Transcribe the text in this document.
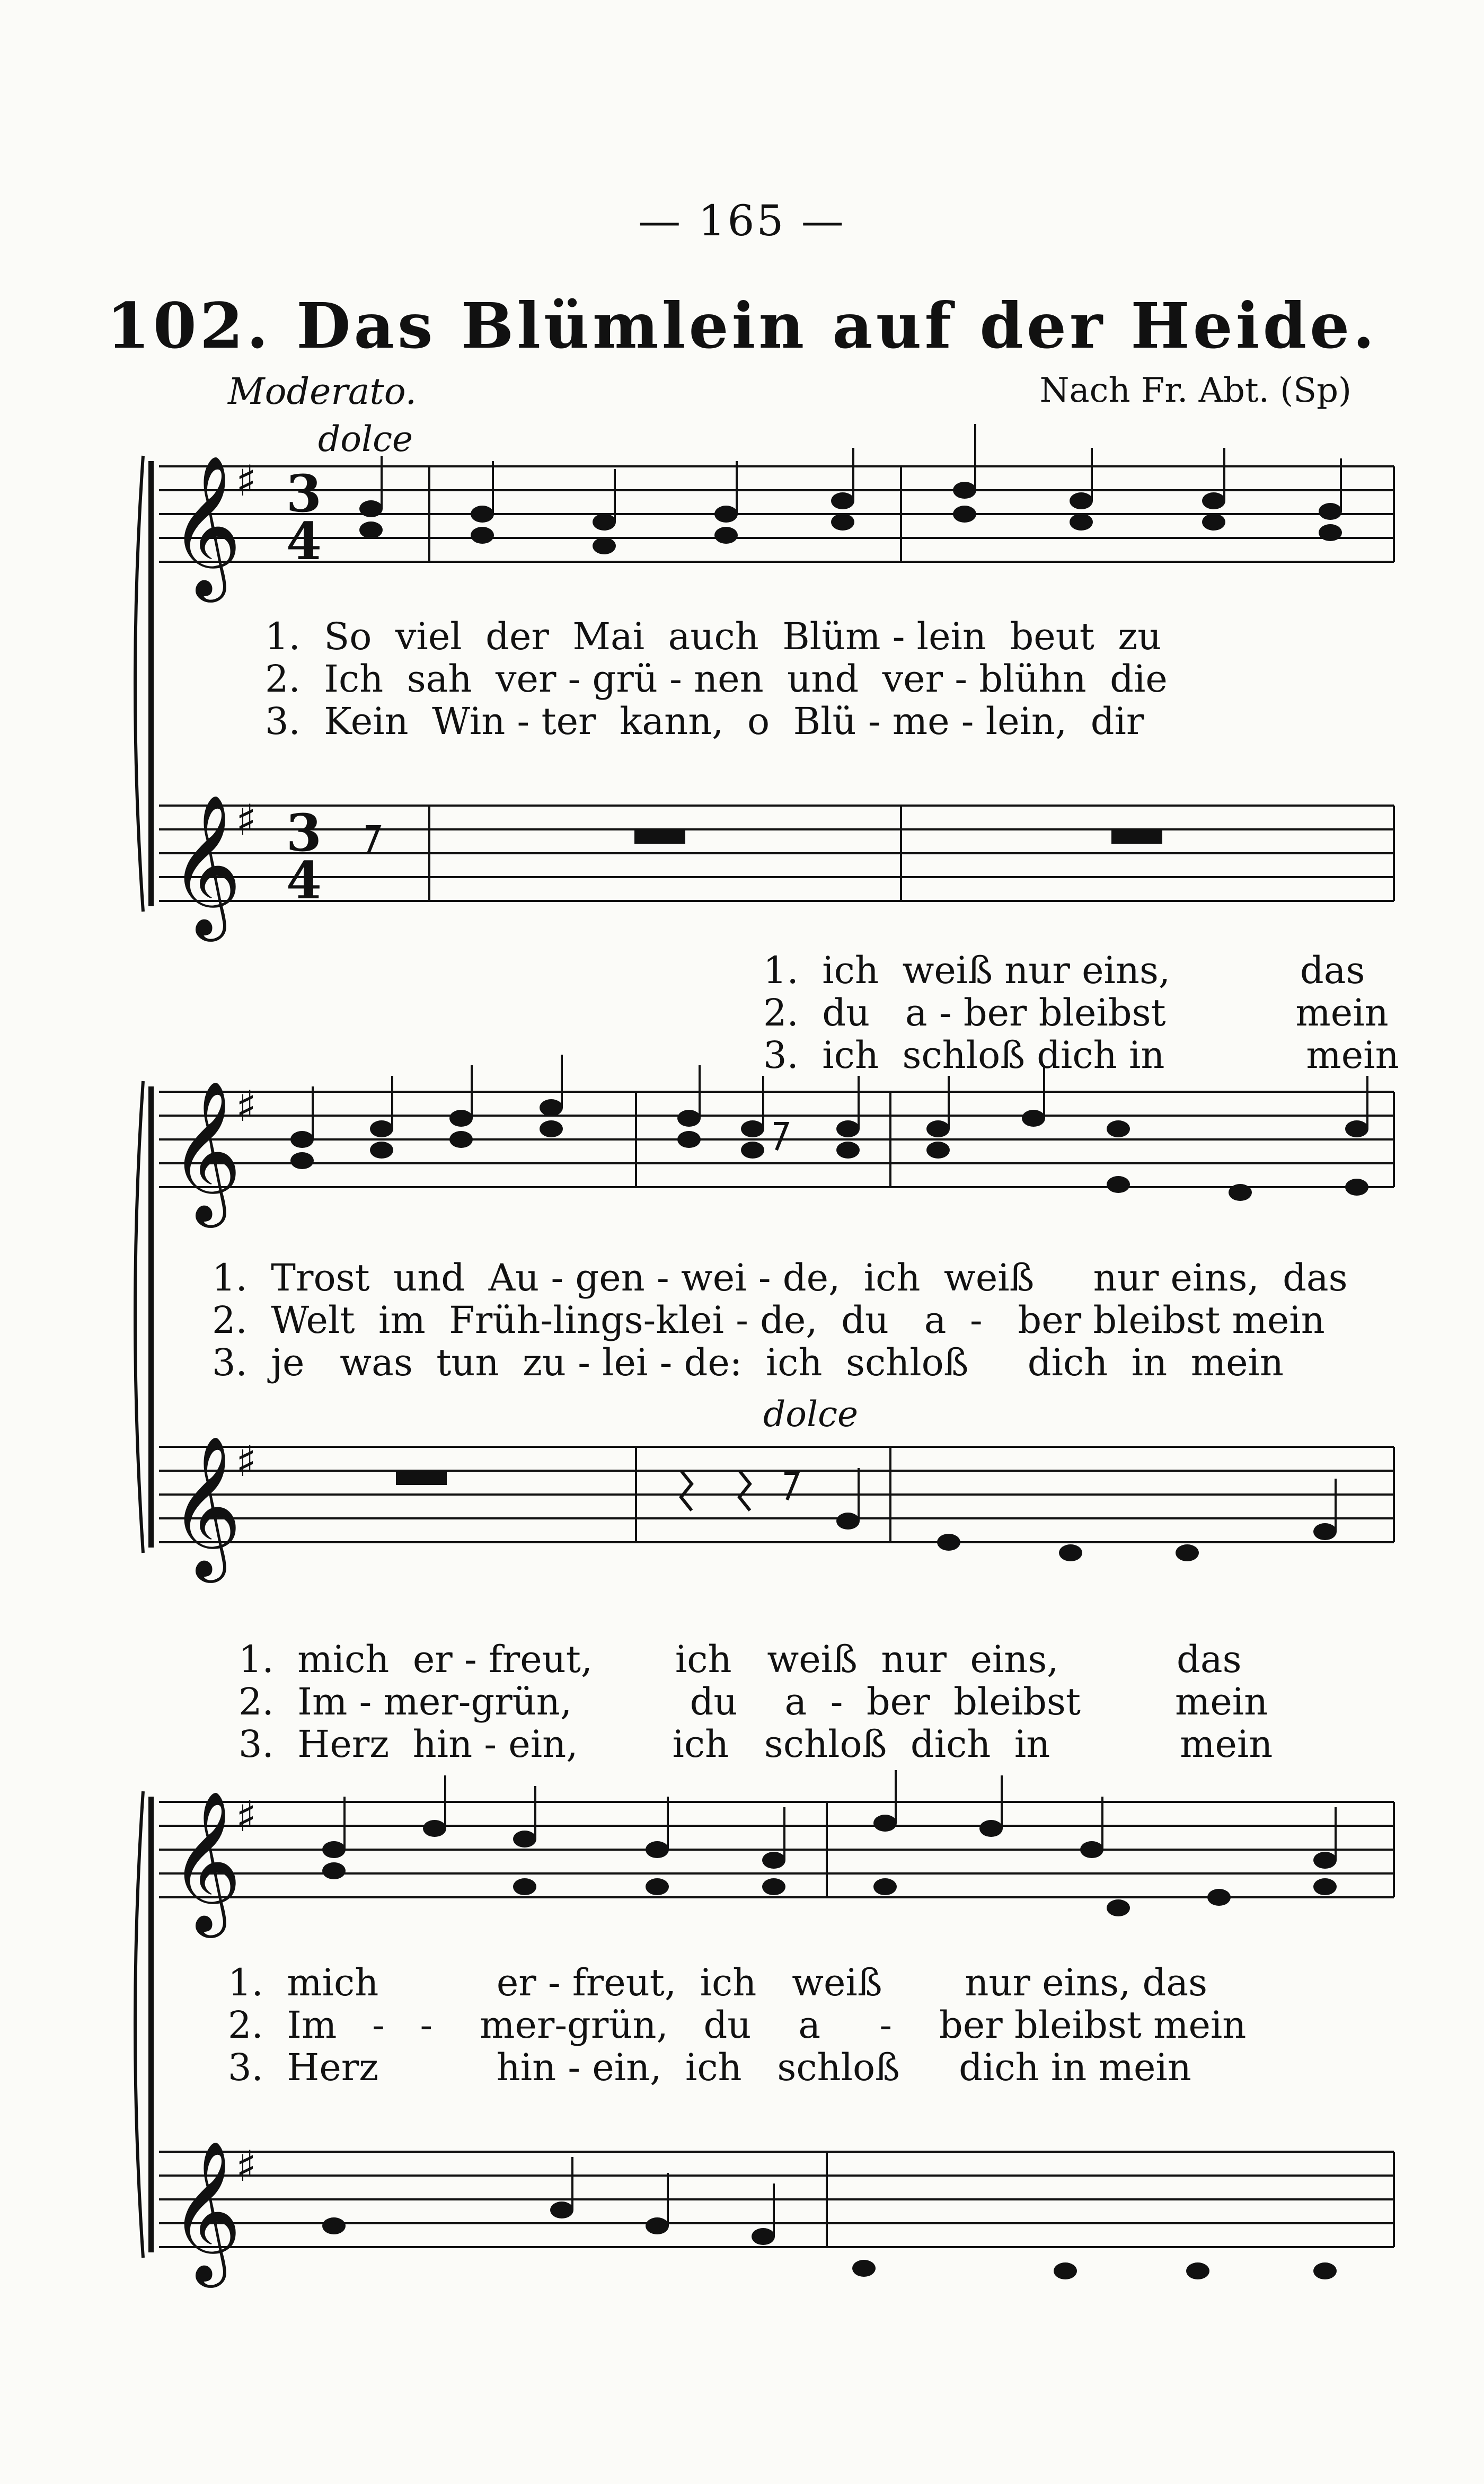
— 165 —
102. Das Blümlein auf der Heide.
Moderato.	Nach Fr. Abt. (Sp)
dolce
dolce
𝄞
𝄞
𝄞
𝄞
𝄞
𝄞
♯
♯
♯
♯
♯
♯
3
4
3
4
1.  So  viel  der  Mai  auch  Blüm - lein  beut  zu
2.  Ich  sah  ver - grü - nen  und  ver - blühn  die
3.  Kein  Win - ter  kann,  o  Blü - me - lein,  dir
1.  ich  weiß nur eins,           das
2.  du   a - ber bleibst           mein
3.  ich  schloß dich in            mein
1.  Trost  und  Au - gen - wei - de,  ich  weiß     nur eins,  das
2.  Welt  im  Früh-lings-klei - de,  du   a  -   ber bleibst mein
3.  je   was  tun  zu - lei - de:  ich  schloß     dich  in  mein
1.  mich  er - freut,       ich   weiß  nur  eins,          das
2.  Im - mer-grün,          du    a  -  ber  bleibst        mein
3.  Herz  hin - ein,        ich   schloß  dich  in           mein
1.  mich          er - freut,  ich   weiß       nur eins, das
2.  Im   -   -    mer-grün,   du    a     -    ber bleibst mein
3.  Herz          hin - ein,  ich   schloß     dich in mein
